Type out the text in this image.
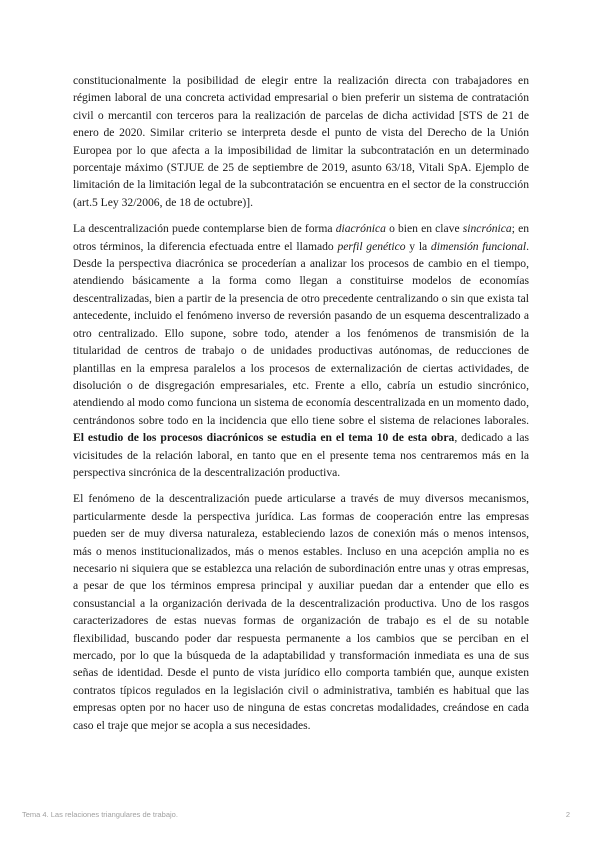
constitucionalmente la posibilidad de elegir entre la realización directa con trabajadores en régimen laboral de una concreta actividad empresarial o bien preferir un sistema de contratación civil o mercantil con terceros para la realización de parcelas de dicha actividad [STS de 21 de enero de 2020. Similar criterio se interpreta desde el punto de vista del Derecho de la Unión Europea por lo que afecta a la imposibilidad de limitar la subcontratación en un determinado porcentaje máximo (STJUE de 25 de septiembre de 2019, asunto 63/18, Vitali SpA. Ejemplo de limitación de la limitación legal de la subcontratación se encuentra en el sector de la construcción (art.5 Ley 32/2006, de 18 de octubre)].

La descentralización puede contemplarse bien de forma diacrónica o bien en clave sincrónica; en otros términos, la diferencia efectuada entre el llamado perfil genético y la dimensión funcional. Desde la perspectiva diacrónica se procederían a analizar los procesos de cambio en el tiempo, atendiendo básicamente a la forma como llegan a constituirse modelos de economías descentralizadas, bien a partir de la presencia de otro precedente centralizando o sin que exista tal antecedente, incluido el fenómeno inverso de reversión pasando de un esquema descentralizado a otro centralizado. Ello supone, sobre todo, atender a los fenómenos de transmisión de la titularidad de centros de trabajo o de unidades productivas autónomas, de reducciones de plantillas en la empresa paralelos a los procesos de externalización de ciertas actividades, de disolución o de disgregación empresariales, etc. Frente a ello, cabría un estudio sincrónico, atendiendo al modo como funciona un sistema de economía descentralizada en un momento dado, centrándonos sobre todo en la incidencia que ello tiene sobre el sistema de relaciones laborales. El estudio de los procesos diacrónicos se estudia en el tema 10 de esta obra, dedicado a las vicisitudes de la relación laboral, en tanto que en el presente tema nos centraremos más en la perspectiva sincrónica de la descentralización productiva.

El fenómeno de la descentralización puede articularse a través de muy diversos mecanismos, particularmente desde la perspectiva jurídica. Las formas de cooperación entre las empresas pueden ser de muy diversa naturaleza, estableciendo lazos de conexión más o menos intensos, más o menos institucionalizados, más o menos estables. Incluso en una acepción amplia no es necesario ni siquiera que se establezca una relación de subordinación entre unas y otras empresas, a pesar de que los términos empresa principal y auxiliar puedan dar a entender que ello es consustancial a la organización derivada de la descentralización productiva. Uno de los rasgos caracterizadores de estas nuevas formas de organización de trabajo es el de su notable flexibilidad, buscando poder dar respuesta permanente a los cambios que se perciban en el mercado, por lo que la búsqueda de la adaptabilidad y transformación inmediata es una de sus señas de identidad. Desde el punto de vista jurídico ello comporta también que, aunque existen contratos típicos regulados en la legislación civil o administrativa, también es habitual que las empresas opten por no hacer uso de ninguna de estas concretas modalidades, creándose en cada caso el traje que mejor se acopla a sus necesidades.

Tema 4. Las relaciones triangulares de trabajo.	2
